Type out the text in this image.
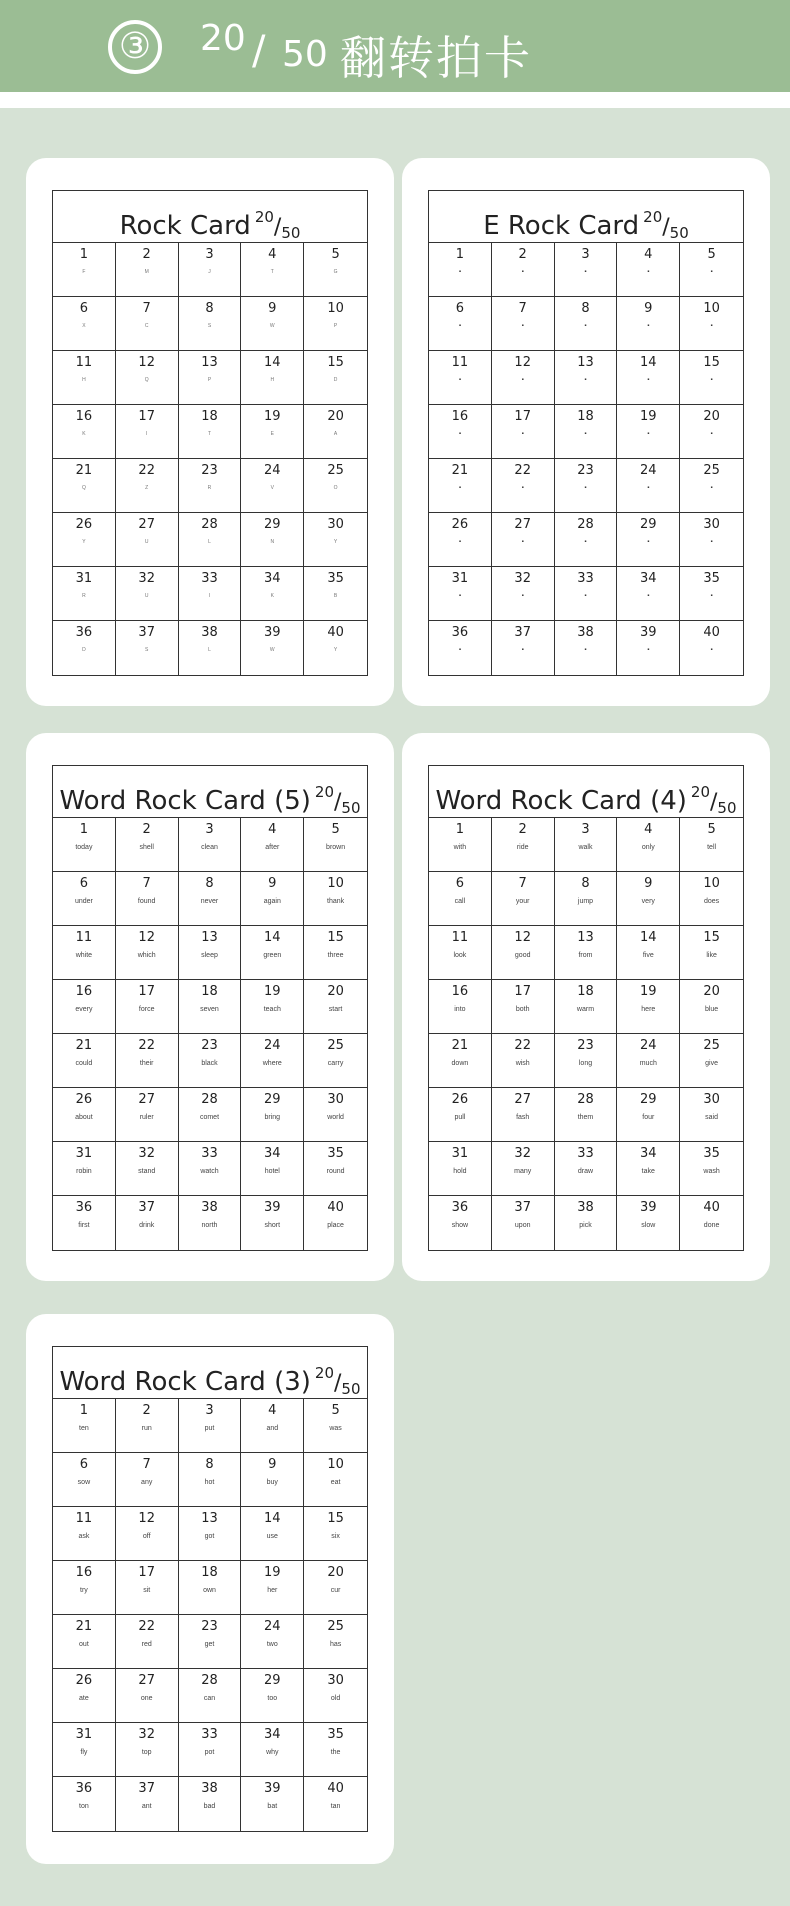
③	20 / 50 翻转拍卡
Rock Card $^{20}$/50
1
F
2
M
3
J
4
T
5
G
6
X
7
C
8
S
9
W
10
P
11
H
12
Q
13
P
14
H
15
D
16
K
17
I
18
T
19
E
20
A
21
Q
22
Z
23
R
24
V
25
O
26
Y
27
U
28
L
29
N
30
Y
31
R
32
U
33
I
34
K
35
B
36
D
37
S
38
L
39
W
40
Y
E Rock Card $^{20}$/50
1
▪
2
▪
3
▪
4
▪
5
▪
6
▪
7
▪
8
▪
9
▪
10
▪
11
▪
12
▪
13
▪
14
▪
15
▪
16
▪
17
▪
18
▪
19
▪
20
▪
21
▪
22
▪
23
▪
24
▪
25
▪
26
▪
27
▪
28
▪
29
▪
30
▪
31
▪
32
▪
33
▪
34
▪
35
▪
36
▪
37
▪
38
▪
39
▪
40
▪
Word Rock Card (5) $^{20}$/50
1
today
2
shell
3
clean
4
after
5
brown
6
under
7
found
8
never
9
again
10
thank
11
white
12
which
13
sleep
14
green
15
three
16
every
17
force
18
seven
19
teach
20
start
21
could
22
their
23
black
24
where
25
carry
26
about
27
ruler
28
comet
29
bring
30
world
31
robin
32
stand
33
watch
34
hotel
35
round
36
first
37
drink
38
north
39
short
40
place
Word Rock Card (4) $^{20}$/50
1
with
2
ride
3
walk
4
only
5
tell
6
call
7
your
8
jump
9
very
10
does
11
look
12
good
13
from
14
five
15
like
16
into
17
both
18
warm
19
here
20
blue
21
down
22
wish
23
long
24
much
25
give
26
pull
27
fash
28
them
29
four
30
said
31
hold
32
many
33
draw
34
take
35
wash
36
show
37
upon
38
pick
39
slow
40
done
Word Rock Card (3) $^{20}$/50
1
ten
2
run
3
put
4
and
5
was
6
sow
7
any
8
hot
9
buy
10
eat
11
ask
12
off
13
got
14
use
15
six
16
try
17
sit
18
own
19
her
20
cur
21
out
22
red
23
get
24
two
25
has
26
ate
27
one
28
can
29
too
30
old
31
fly
32
top
33
pot
34
why
35
the
36
ton
37
ant
38
bad
39
bat
40
tan
